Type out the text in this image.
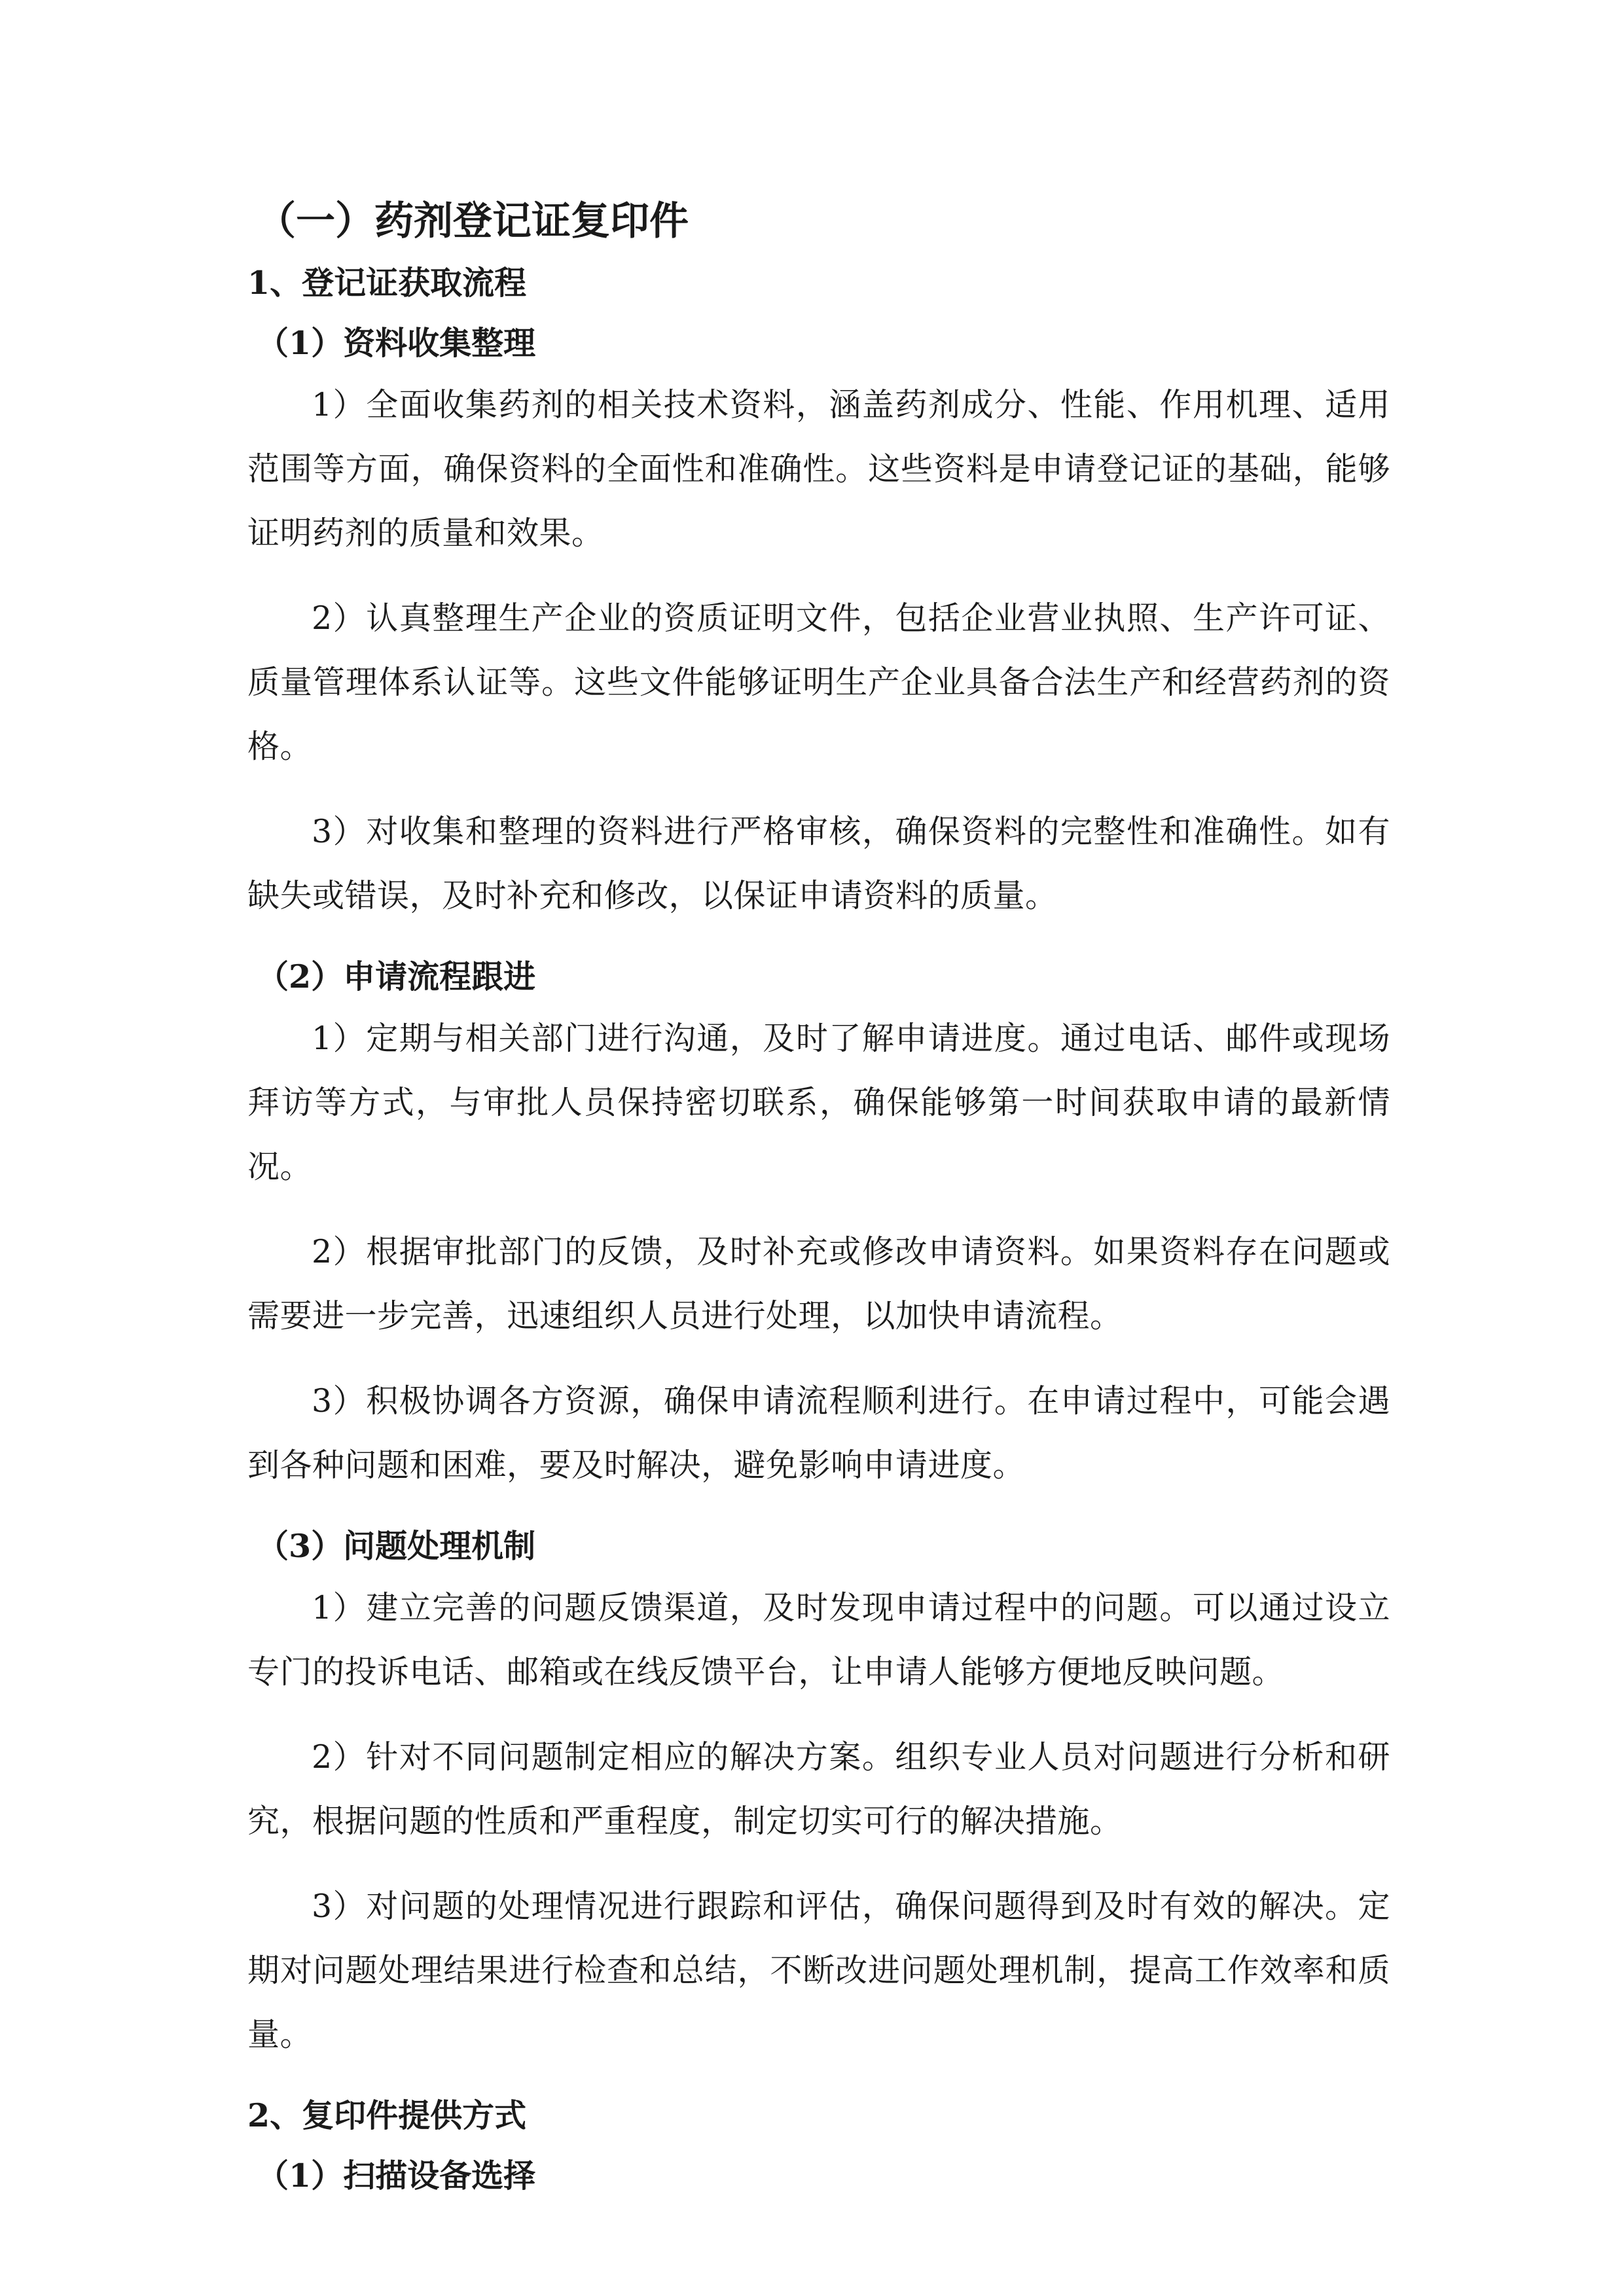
（一）药剂登记证复印件
1、登记证获取流程
（1）资料收集整理

1）全面收集药剂的相关技术资料，涵盖药剂成分、性能、作用机理、适用范围等方面，确保资料的全面性和准确性。这些资料是申请登记证的基础，能够证明药剂的质量和效果。

2）认真整理生产企业的资质证明文件，包括企业营业执照、生产许可证、质量管理体系认证等。这些文件能够证明生产企业具备合法生产和经营药剂的资格。

3）对收集和整理的资料进行严格审核，确保资料的完整性和准确性。如有缺失或错误，及时补充和修改，以保证申请资料的质量。

（2）申请流程跟进

1）定期与相关部门进行沟通，及时了解申请进度。通过电话、邮件或现场拜访等方式，与审批人员保持密切联系，确保能够第一时间获取申请的最新情况。

2）根据审批部门的反馈，及时补充或修改申请资料。如果资料存在问题或需要进一步完善，迅速组织人员进行处理，以加快申请流程。

3）积极协调各方资源，确保申请流程顺利进行。在申请过程中，可能会遇到各种问题和困难，要及时解决，避免影响申请进度。

（3）问题处理机制

1）建立完善的问题反馈渠道，及时发现申请过程中的问题。可以通过设立专门的投诉电话、邮箱或在线反馈平台，让申请人能够方便地反映问题。

2）针对不同问题制定相应的解决方案。组织专业人员对问题进行分析和研究，根据问题的性质和严重程度，制定切实可行的解决措施。

3）对问题的处理情况进行跟踪和评估，确保问题得到及时有效的解决。定期对问题处理结果进行检查和总结，不断改进问题处理机制，提高工作效率和质量。

2、复印件提供方式
（1）扫描设备选择
